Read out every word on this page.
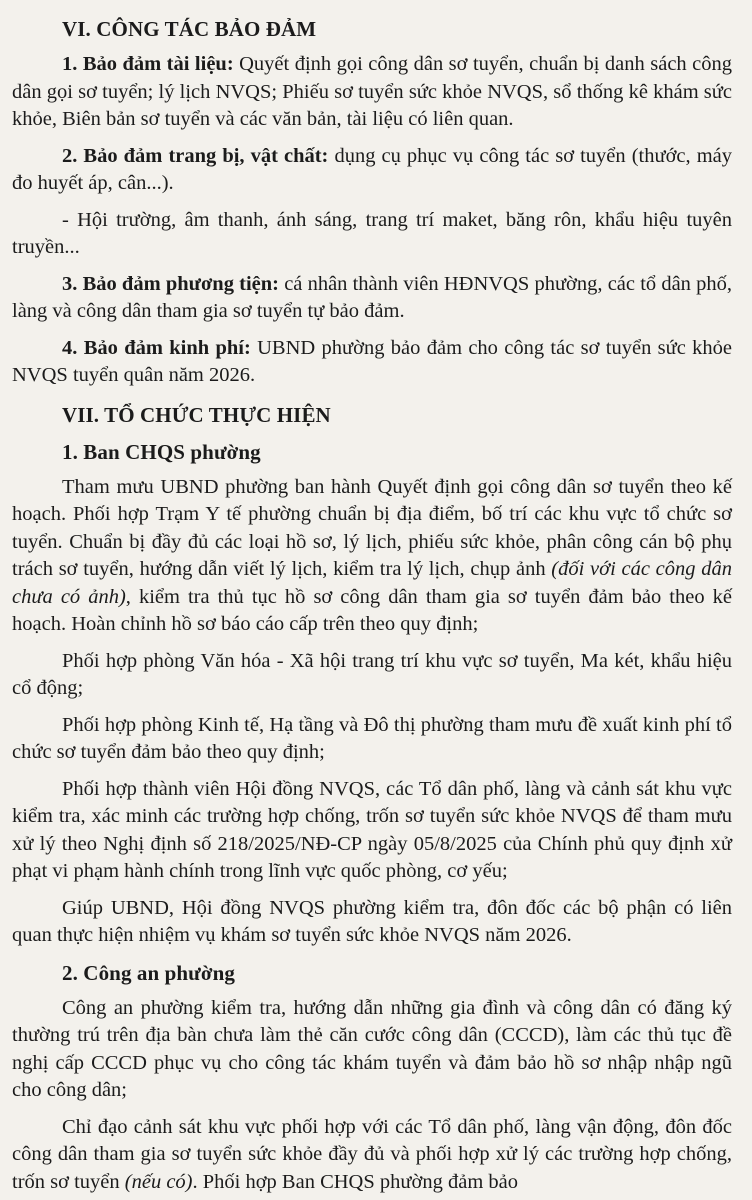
VI. CÔNG TÁC BẢO ĐẢM

1. Bảo đảm tài liệu: Quyết định gọi công dân sơ tuyển, chuẩn bị danh sách công dân gọi sơ tuyển; lý lịch NVQS; Phiếu sơ tuyển sức khỏe NVQS, sổ thống kê khám sức khỏe, Biên bản sơ tuyển và các văn bản, tài liệu có liên quan.

2. Bảo đảm trang bị, vật chất: dụng cụ phục vụ công tác sơ tuyển (thước, máy đo huyết áp, cân...).

- Hội trường, âm thanh, ánh sáng, trang trí maket, băng rôn, khẩu hiệu tuyên truyền...

3. Bảo đảm phương tiện: cá nhân thành viên HĐNVQS phường, các tổ dân phố, làng và công dân tham gia sơ tuyển tự bảo đảm.

4. Bảo đảm kinh phí: UBND phường bảo đảm cho công tác sơ tuyển sức khỏe NVQS tuyển quân năm 2026.

VII. TỔ CHỨC THỰC HIỆN
1. Ban CHQS phường

Tham mưu UBND phường ban hành Quyết định gọi công dân sơ tuyển theo kế hoạch. Phối hợp Trạm Y tế phường chuẩn bị địa điểm, bố trí các khu vực tổ chức sơ tuyển. Chuẩn bị đầy đủ các loại hồ sơ, lý lịch, phiếu sức khỏe, phân công cán bộ phụ trách sơ tuyển, hướng dẫn viết lý lịch, kiểm tra lý lịch, chụp ảnh (đối với các công dân chưa có ảnh), kiểm tra thủ tục hồ sơ công dân tham gia sơ tuyển đảm bảo theo kế hoạch. Hoàn chỉnh hồ sơ báo cáo cấp trên theo quy định;

Phối hợp phòng Văn hóa - Xã hội trang trí khu vực sơ tuyển, Ma két, khẩu hiệu cổ động;

Phối hợp phòng Kinh tế, Hạ tầng và Đô thị phường tham mưu đề xuất kinh phí tổ chức sơ tuyển đảm bảo theo quy định;

Phối hợp thành viên Hội đồng NVQS, các Tổ dân phố, làng và cảnh sát khu vực kiểm tra, xác minh các trường hợp chống, trốn sơ tuyển sức khỏe NVQS để tham mưu xử lý theo Nghị định số 218/2025/NĐ-CP ngày 05/8/2025 của Chính phủ quy định xử phạt vi phạm hành chính trong lĩnh vực quốc phòng, cơ yếu;

Giúp UBND, Hội đồng NVQS phường kiểm tra, đôn đốc các bộ phận có liên quan thực hiện nhiệm vụ khám sơ tuyển sức khỏe NVQS năm 2026.

2. Công an phường

Công an phường kiểm tra, hướng dẫn những gia đình và công dân có đăng ký thường trú trên địa bàn chưa làm thẻ căn cước công dân (CCCD), làm các thủ tục đề nghị cấp CCCD phục vụ cho công tác khám tuyển và đảm bảo hồ sơ nhập nhập ngũ cho công dân;

Chỉ đạo cảnh sát khu vực phối hợp với các Tổ dân phố, làng vận động, đôn đốc công dân tham gia sơ tuyển sức khỏe đầy đủ và phối hợp xử lý các trường hợp chống, trốn sơ tuyển (nếu có). Phối hợp Ban CHQS phường đảm bảo
